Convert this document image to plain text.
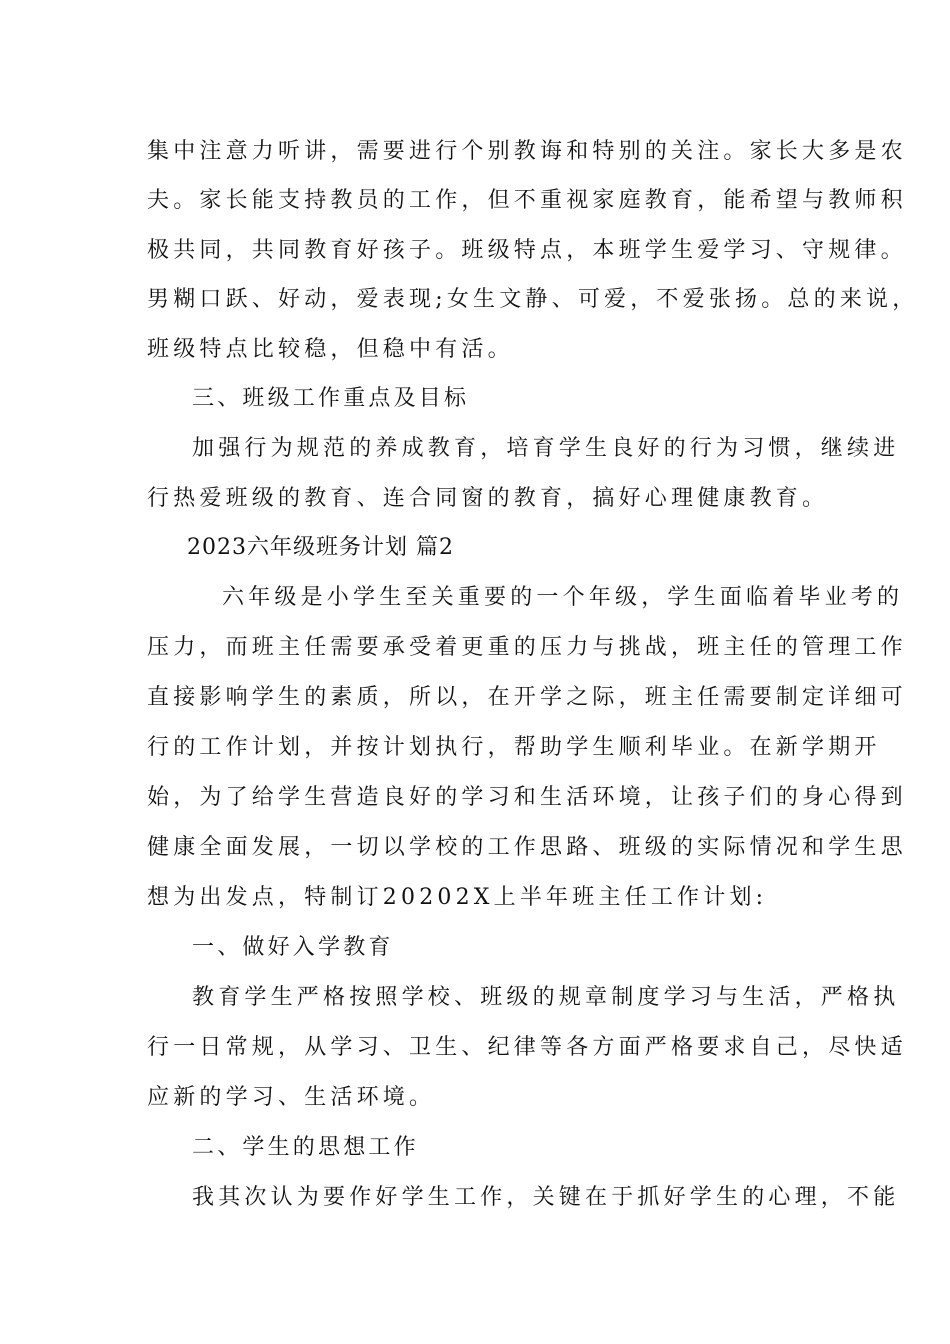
集中注意力听讲，需要进行个别教诲和特别的关注。家长大多是农

夫。家长能支持教员的工作，但不重视家庭教育，能希望与教师积

极共同，共同教育好孩子。班级特点，本班学生爱学习、守规律。

男糊口跃、好动，爱表现;女生文静、可爱，不爱张扬。总的来说，

班级特点比较稳，但稳中有活。

三、班级工作重点及目标

加强行为规范的养成教育，培育学生良好的行为习惯，继续进

行热爱班级的教育、连合同窗的教育，搞好心理健康教育。

2023六年级班务计划 篇2

六年级是小学生至关重要的一个年级，学生面临着毕业考的

压力，而班主任需要承受着更重的压力与挑战，班主任的管理工作

直接影响学生的素质，所以，在开学之际，班主任需要制定详细可

行的工作计划，并按计划执行，帮助学生顺利毕业。在新学期开

始，为了给学生营造良好的学习和生活环境，让孩子们的身心得到

健康全面发展，一切以学校的工作思路、班级的实际情况和学生思

想为出发点，特制订20202X上半年班主任工作计划:

一、做好入学教育

教育学生严格按照学校、班级的规章制度学习与生活，严格执

行一日常规，从学习、卫生、纪律等各方面严格要求自己，尽快适

应新的学习、生活环境。

二、学生的思想工作

我其次认为要作好学生工作，关键在于抓好学生的心理，不能
